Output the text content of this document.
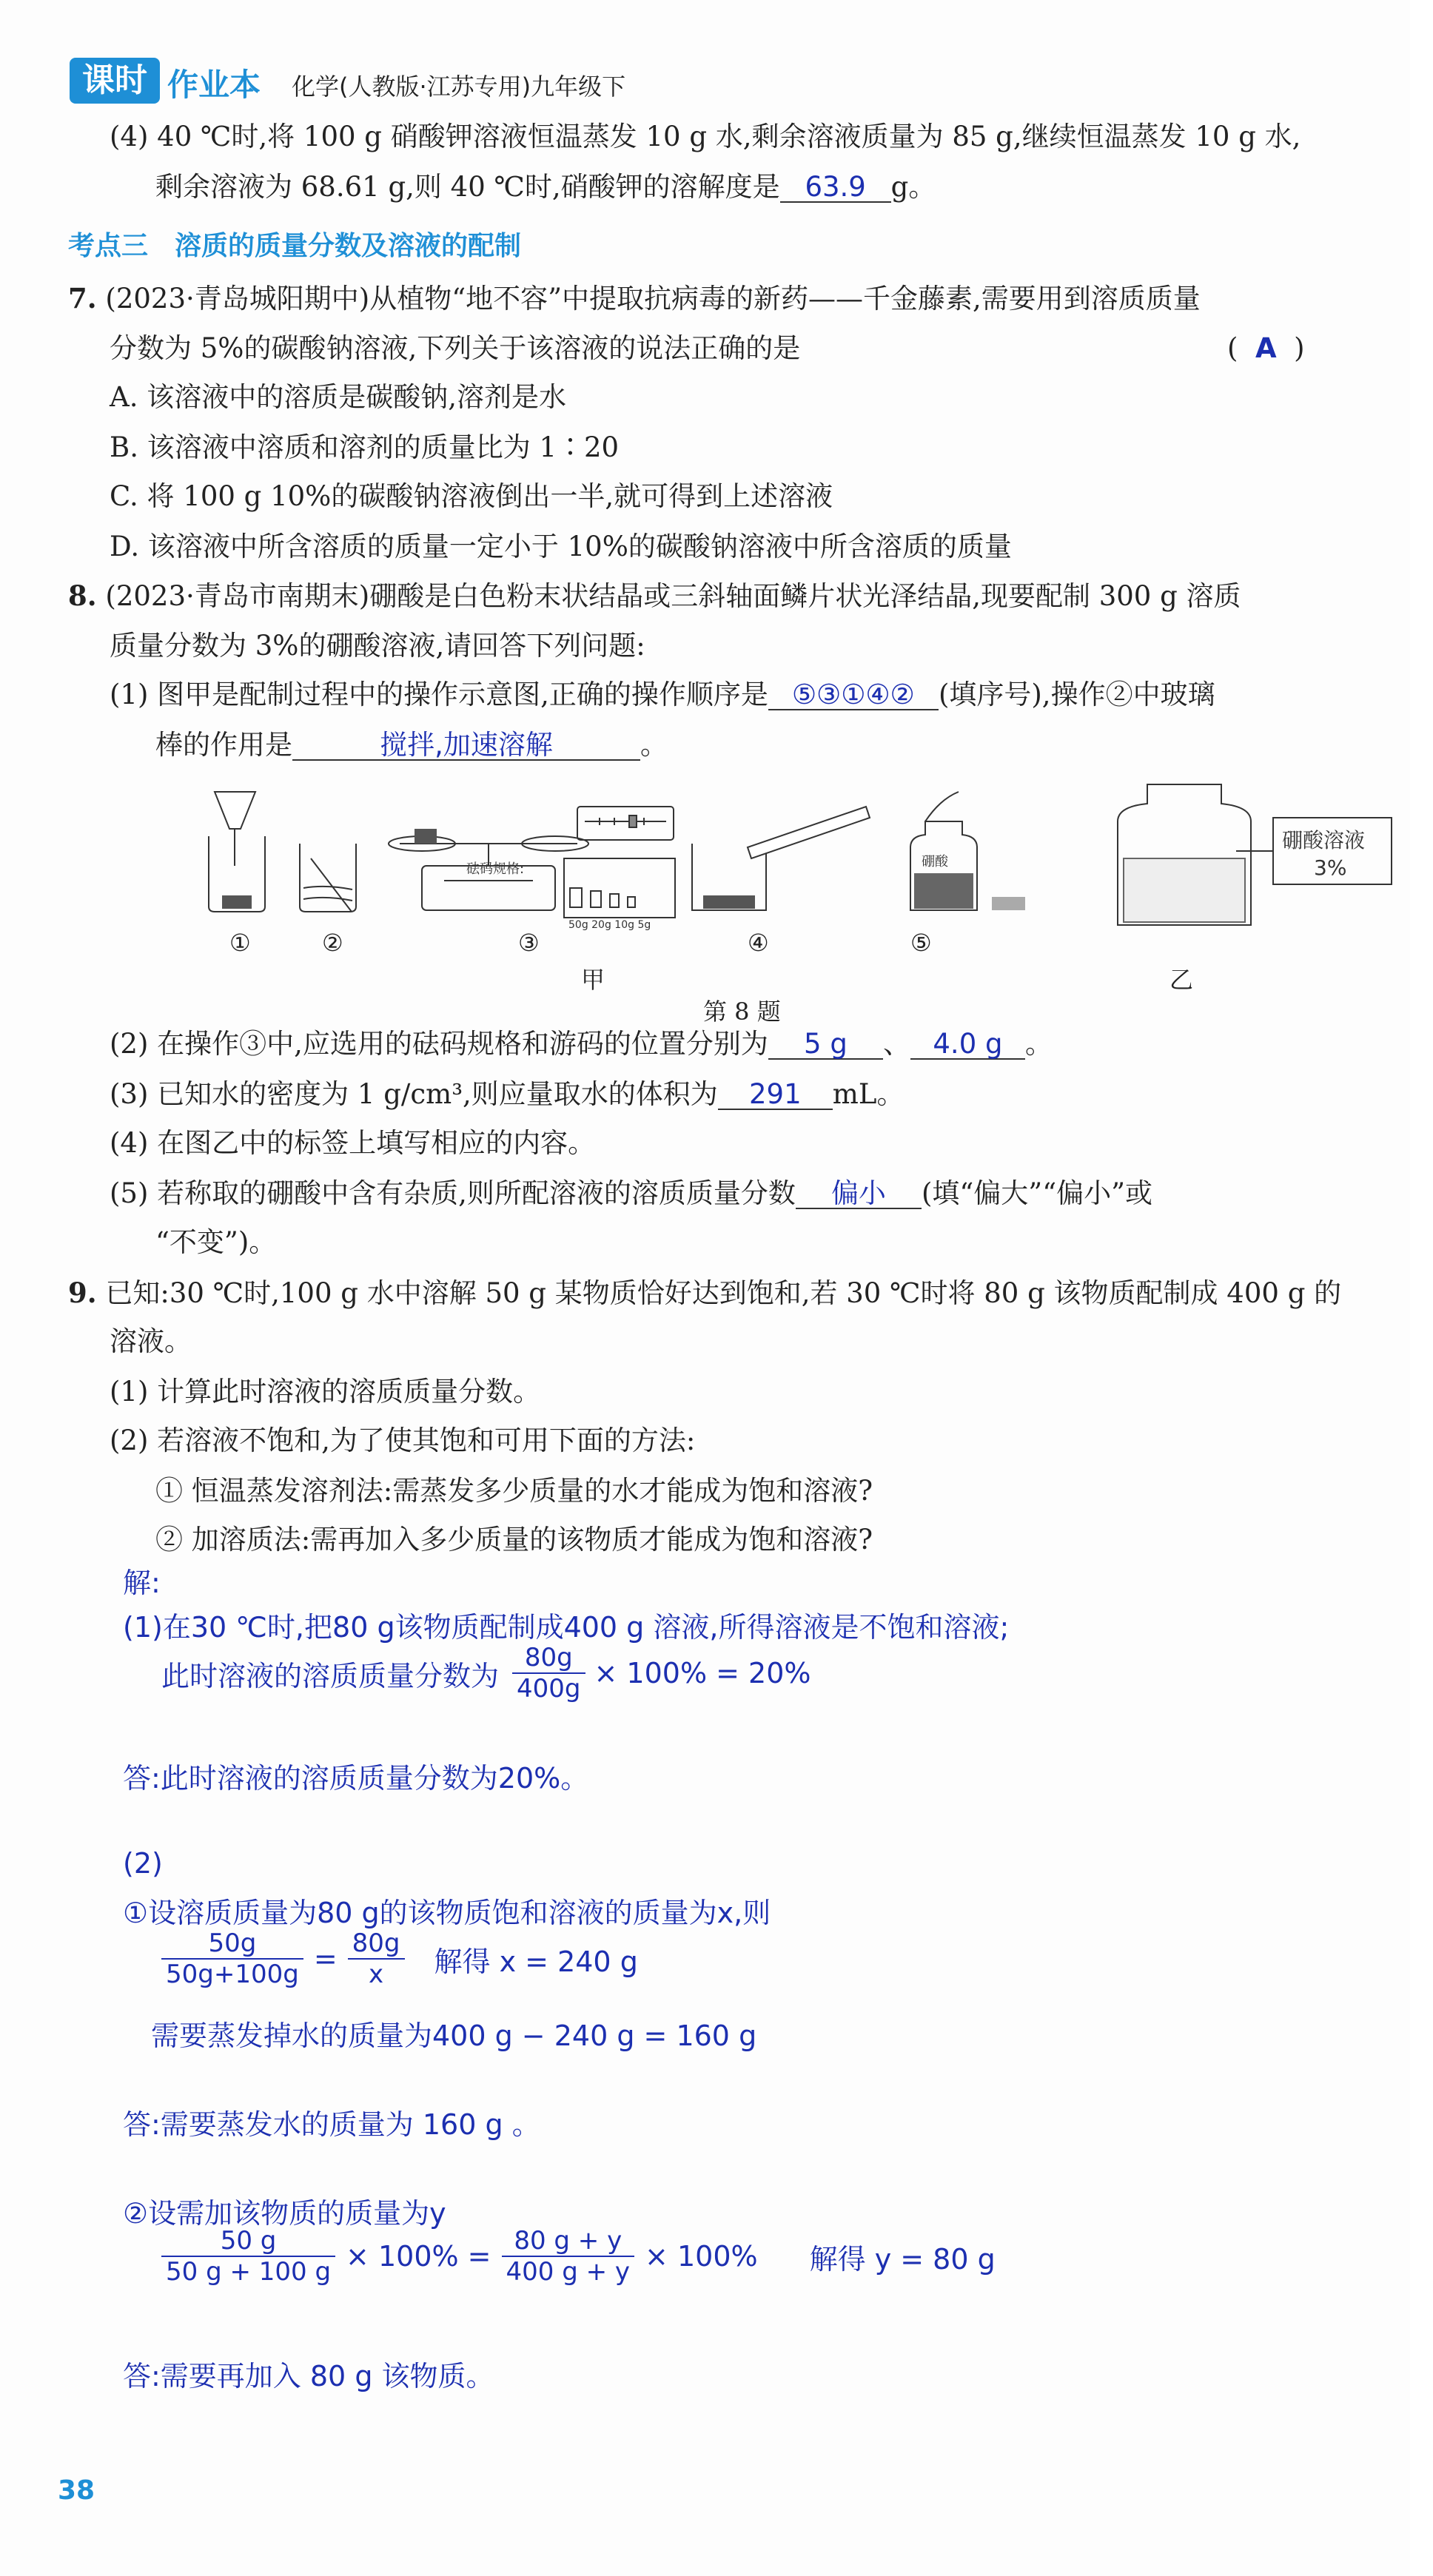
课时 作业本 化学(人教版·江苏专用)九年级下
(4) 40 ℃时,将 100 g 硝酸钾溶液恒温蒸发 10 g 水,剩余溶液质量为 85 g,继续恒温蒸发 10 g 水,
剩余溶液为 68.61 g,则 40 ℃时,硝酸钾的溶解度是 63.9 g。
考点三　溶质的质量分数及溶液的配制
7. (2023·青岛城阳期中)从植物“地不容”中提取抗病毒的新药——千金藤素,需要用到溶质质量
分数为 5%的碳酸钠溶液,下列关于该溶液的说法正确的是	( A )
A. 该溶液中的溶质是碳酸钠,溶剂是水
B. 该溶液中溶质和溶剂的质量比为 1∶20
C. 将 100 g 10%的碳酸钠溶液倒出一半,就可得到上述溶液
D. 该溶液中所含溶质的质量一定小于 10%的碳酸钠溶液中所含溶质的质量
8. (2023·青岛市南期末)硼酸是白色粉末状结晶或三斜轴面鳞片状光泽结晶,现要配制 300 g 溶质
质量分数为 3%的硼酸溶液,请回答下列问题:
(1) 图甲是配制过程中的操作示意图,正确的操作顺序是 ⑤③①④② (填序号),操作②中玻璃
棒的作用是	搅拌,加速溶解	。
砝码规格:
50g 20g 10g 5g
硼酸
硼酸溶液
3%
①	②	③	④	⑤
甲	乙
第 8 题
(2) 在操作③中,应选用的砝码规格和游码的位置分别为 5 g 、 4.0 g 。
(3) 已知水的密度为 1 g/cm³,则应量取水的体积为 291 mL。
(4) 在图乙中的标签上填写相应的内容。
(5) 若称取的硼酸中含有杂质,则所配溶液的溶质质量分数 偏小 (填“偏大”“偏小”或
“不变”)。
9. 已知:30 ℃时,100 g 水中溶解 50 g 某物质恰好达到饱和,若 30 ℃时将 80 g 该物质配制成 400 g 的
溶液。
(1) 计算此时溶液的溶质质量分数。
(2) 若溶液不饱和,为了使其饱和可用下面的方法:
① 恒温蒸发溶剂法:需蒸发多少质量的水才能成为饱和溶液?
② 加溶质法:需再加入多少质量的该物质才能成为饱和溶液?
解:
(1)在30 ℃时,把80 g该物质配制成400 g 溶液,所得溶液是不饱和溶液;
此时溶液的溶质质量分数为 $\frac{80g}{400g} \times 100\% = 20\%$
答:此时溶液的溶质质量分数为20%。
(2)
①设溶质质量为80 g的该物质饱和溶液的质量为x,则
$\frac{50g}{50g+100g} = \frac{80g}{x}$ 解得 x = 240 g
需要蒸发掉水的质量为400 g − 240 g = 160 g
答:需要蒸发水的质量为 160 g 。
②设需加该物质的质量为y
$\frac{50 g}{50 g + 100 g} \times 100\% = \frac{80 g + y}{400 g + y} \times 100\%$ 解得 y = 80 g
答:需要再加入 80 g 该物质。
38
